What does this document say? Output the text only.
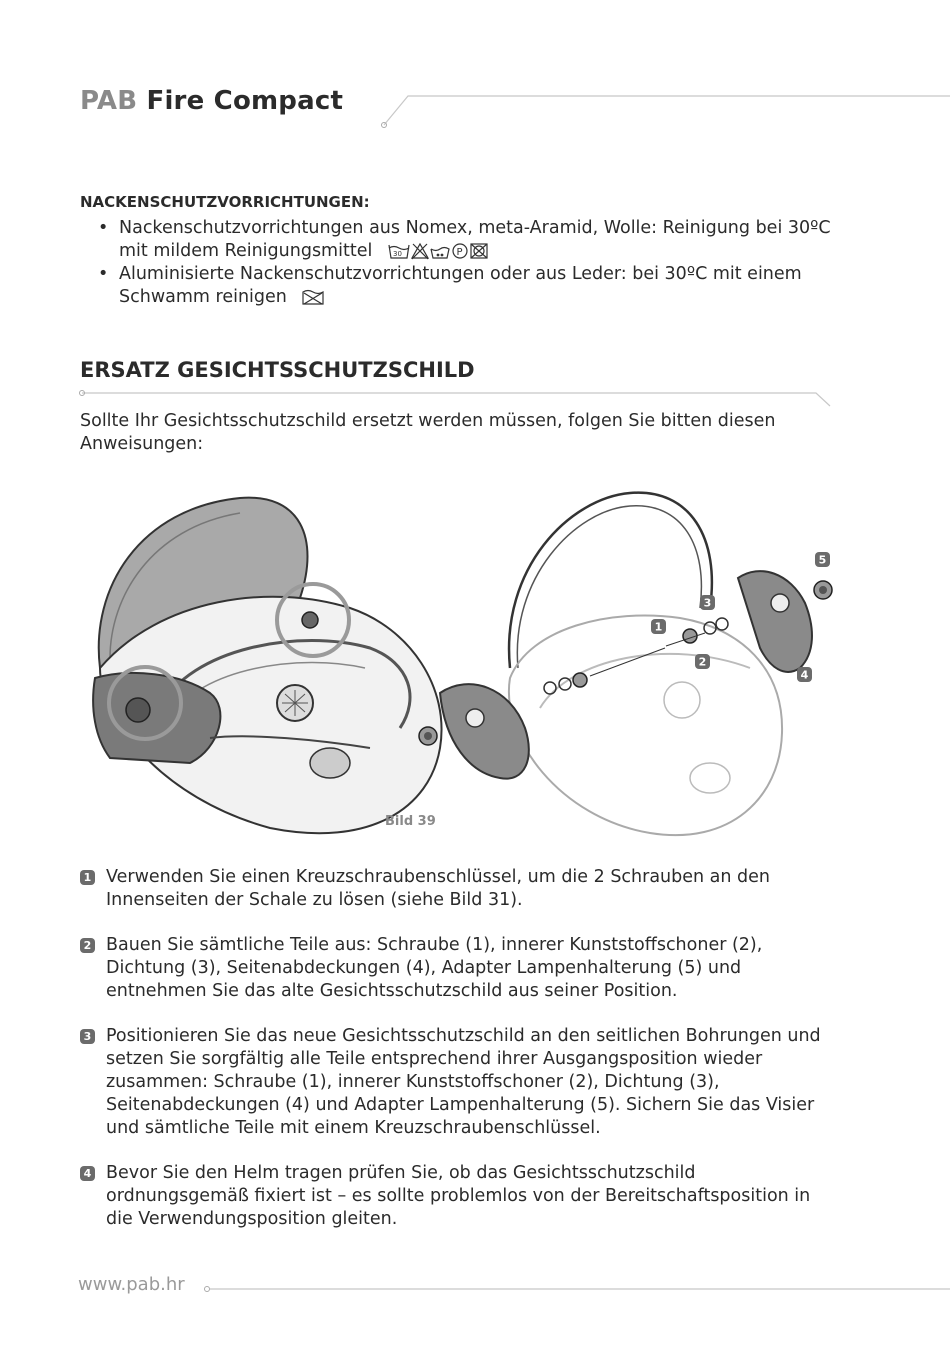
PAB Fire Compact
NACKENSCHUTZVORRICHTUNGEN:
• Nackenschutzvorrichtungen aus Nomex, meta-Aramid, Wolle: Reinigung bei 30ºC mit mildem Reinigungsmittel	30	P
• Aluminisierte Nackenschutzvorrichtungen oder aus Leder: bei 30ºC mit einem Schwamm reinigen
ERSATZ GESICHTSSCHUTZSCHILD
Sollte Ihr Gesichtsschutzschild ersetzt werden müssen, folgen Sie bitten diesen Anweisungen:
1
2
3
4
5
Bild 39
1 Verwenden Sie einen Kreuzschraubenschlüssel, um die 2 Schrauben an den Innenseiten der Schale zu lösen (siehe Bild 31).
2 Bauen Sie sämtliche Teile aus: Schraube (1), innerer Kunststoffschoner (2), Dichtung (3), Seitenabdeckungen (4), Adapter Lampenhalterung (5) und entnehmen Sie das alte Gesichtsschutzschild aus seiner Position.
3 Positionieren Sie das neue Gesichtsschutzschild an den seitlichen Bohrungen und setzen Sie sorgfältig alle Teile entsprechend ihrer Ausgangsposition wieder zusammen: Schraube (1), innerer Kunststoffschoner (2), Dichtung (3), Seitenabdeckungen (4) und Adapter Lampenhalterung (5). Sichern Sie das Visier und sämtliche Teile mit einem Kreuzschraubenschlüssel.
4 Bevor Sie den Helm tragen prüfen Sie, ob das Gesichtsschutzschild ordnungsgemäß fixiert ist – es sollte problemlos von der Bereitschaftsposition in die Verwendungsposition gleiten.
www.pab.hr
